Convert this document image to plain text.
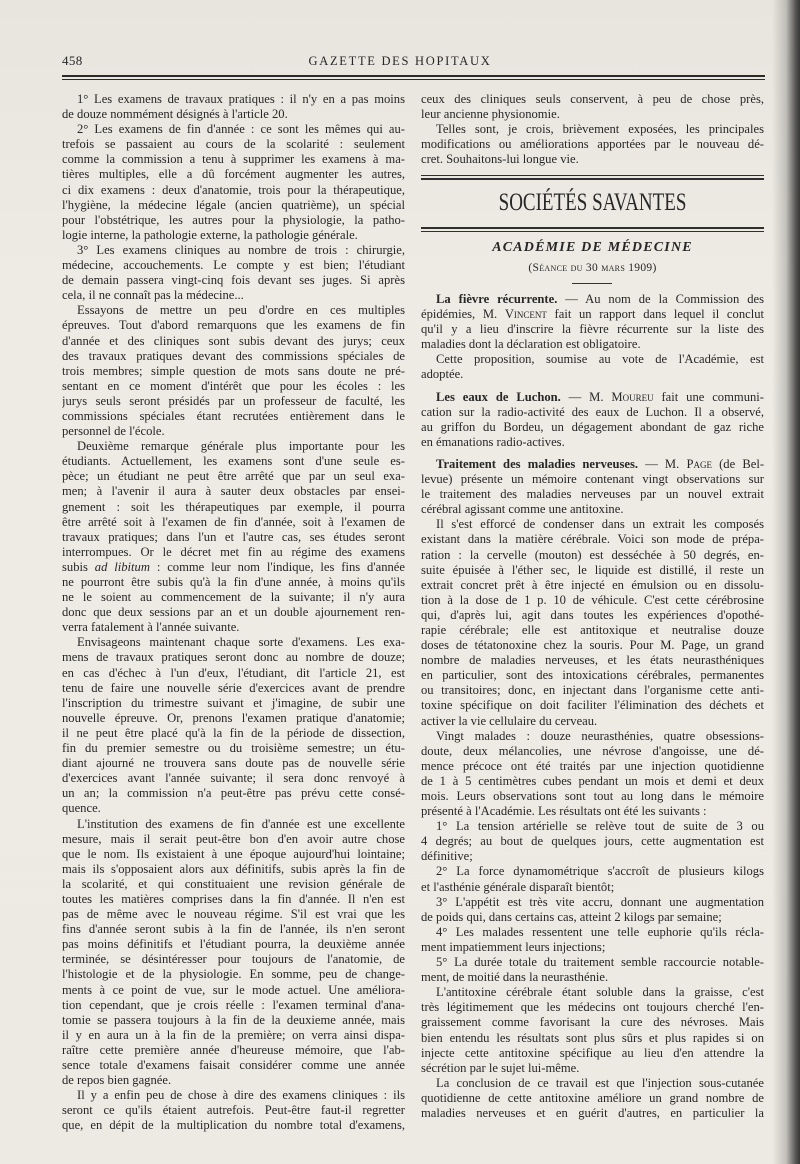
458	GAZETTE DES HOPITAUX
1° Les examens de travaux pratiques : il n'y en a pas moins
de douze nommément désignés à l'article 20.
2° Les examens de fin d'année : ce sont les mêmes qui au-
trefois se passaient au cours de la scolarité : seulement
comme la commission a tenu à supprimer les examens à ma-
tières multiples, elle a dû forcément augmenter les autres,
ci dix examens : deux d'anatomie, trois pour la thérapeutique,
l'hygiène, la médecine légale (ancien quatrième), un spécial
pour l'obstétrique, les autres pour la physiologie, la patho-
logie interne, la pathologie externe, la pathologie générale.
3° Les examens cliniques au nombre de trois : chirurgie,
médecine, accouchements. Le compte y est bien; l'étudiant
de demain passera vingt-cinq fois devant ses juges. Si après
cela, il ne connaît pas la médecine...
Essayons de mettre un peu d'ordre en ces multiples
épreuves. Tout d'abord remarquons que les examens de fin
d'année et des cliniques sont subis devant des jurys; ceux
des travaux pratiques devant des commissions spéciales de
trois membres; simple question de mots sans doute ne pré-
sentant en ce moment d'intérêt que pour les écoles : les
jurys seuls seront présidés par un professeur de faculté, les
commissions spéciales étant recrutées entièrement dans le
personnel de l'école.
Deuxième remarque générale plus importante pour les
étudiants. Actuellement, les examens sont d'une seule es-
pèce; un étudiant ne peut être arrêté que par un seul exa-
men; à l'avenir il aura à sauter deux obstacles par ensei-
gnement : soit les thérapeutiques par exemple, il pourra
être arrêté soit à l'examen de fin d'année, soit à l'examen de
travaux pratiques; dans l'un et l'autre cas, ses études seront
interrompues. Or le décret met fin au régime des examens
subis ad libitum : comme leur nom l'indique, les fins d'année
ne pourront être subis qu'à la fin d'une année, à moins qu'ils
ne le soient au commencement de la suivante; il n'y aura
donc que deux sessions par an et un double ajournement ren-
verra fatalement à l'année suivante.
Envisageons maintenant chaque sorte d'examens. Les exa-
mens de travaux pratiques seront donc au nombre de douze;
en cas d'échec à l'un d'eux, l'étudiant, dit l'article 21, est
tenu de faire une nouvelle série d'exercices avant de prendre
l'inscription du trimestre suivant et j'imagine, de subir une
nouvelle épreuve. Or, prenons l'examen pratique d'anatomie;
il ne peut être placé qu'à la fin de la période de dissection,
fin du premier semestre ou du troisième semestre; un étu-
diant ajourné ne trouvera sans doute pas de nouvelle série
d'exercices avant l'année suivante; il sera donc renvoyé à
un an; la commission n'a peut-être pas prévu cette consé-
quence.
L'institution des examens de fin d'année est une excellente
mesure, mais il serait peut-être bon d'en avoir autre chose
que le nom. Ils existaient à une époque aujourd'hui lointaine;
mais ils s'opposaient alors aux définitifs, subis après la fin de
la scolarité, et qui constituaient une revision générale de
toutes les matières comprises dans la fin d'année. Il n'en est
pas de même avec le nouveau régime. S'il est vrai que les
fins d'année seront subis à la fin de l'année, ils n'en seront
pas moins définitifs et l'étudiant pourra, la deuxième année
terminée, se désintéresser pour toujours de l'anatomie, de
l'histologie et de la physiologie. En somme, peu de change-
ments à ce point de vue, sur le mode actuel. Une améliora-
tion cependant, que je crois réelle : l'examen terminal d'ana-
tomie se passera toujours à la fin de la deuxieme année, mais
il y en aura un à la fin de la première; on verra ainsi dispa-
raître cette première année d'heureuse mémoire, que l'ab-
sence totale d'examens faisait considérer comme une année
de repos bien gagnée.
Il y a enfin peu de chose à dire des examens cliniques : ils
seront ce qu'ils étaient autrefois. Peut-être faut-il regretter
que, en dépit de la multiplication du nombre total d'examens,
ceux des cliniques seuls conservent, à peu de chose près,
leur ancienne physionomie.
Telles sont, je crois, brièvement exposées, les principales
modifications ou améliorations apportées par le nouveau dé-
cret. Souhaitons-lui longue vie.
SOCIÉTÉS SAVANTES
ACADÉMIE DE MÉDECINE
(Séance du 30 mars 1909)
La fièvre récurrente. — Au nom de la Commission des
épidémies, M. Vincent fait un rapport dans lequel il conclut
qu'il y a lieu d'inscrire la fièvre récurrente sur la liste des
maladies dont la déclaration est obligatoire.
Cette proposition, soumise au vote de l'Académie, est
adoptée.
Les eaux de Luchon. — M. Moureu fait une communi-
cation sur la radio-activité des eaux de Luchon. Il a observé,
au griffon du Bordeu, un dégagement abondant de gaz riche
en émanations radio-actives.
Traitement des maladies nerveuses. — M. Page (de Bel-
levue) présente un mémoire contenant vingt observations sur
le traitement des maladies nerveuses par un nouvel extrait
cérébral agissant comme une antitoxine.
Il s'est efforcé de condenser dans un extrait les composés
existant dans la matière cérébrale. Voici son mode de prépa-
ration : la cervelle (mouton) est desséchée à 50 degrés, en-
suite épuisée à l'éther sec, le liquide est distillé, il reste un
extrait concret prêt à être injecté en émulsion ou en dissolu-
tion à la dose de 1 p. 10 de véhicule. C'est cette cérébrosine
qui, d'après lui, agit dans toutes les expériences d'opothé-
rapie cérébrale; elle est antitoxique et neutralise douze
doses de tétatonoxine chez la souris. Pour M. Page, un grand
nombre de maladies nerveuses, et les états neurasthéniques
en particulier, sont des intoxications cérébrales, permanentes
ou transitoires; donc, en injectant dans l'organisme cette anti-
toxine spécifique on doit faciliter l'élimination des déchets et
activer la vie cellulaire du cerveau.
Vingt malades : douze neurasthénies, quatre obsessions-
doute, deux mélancolies, une névrose d'angoisse, une dé-
mence précoce ont été traités par une injection quotidienne
de 1 à 5 centimètres cubes pendant un mois et demi et deux
mois. Leurs observations sont tout au long dans le mémoire
présenté à l'Académie. Les résultats ont été les suivants :
1° La tension artérielle se relève tout de suite de 3 ou
4 degrés; au bout de quelques jours, cette augmentation est
définitive;
2° La force dynamométrique s'accroît de plusieurs kilogs
et l'asthénie générale disparaît bientôt;
3° L'appétit est très vite accru, donnant une augmentation
de poids qui, dans certains cas, atteint 2 kilogs par semaine;
4° Les malades ressentent une telle euphorie qu'ils récla-
ment impatiemment leurs injections;
5° La durée totale du traitement semble raccourcie notable-
ment, de moitié dans la neurasthénie.
L'antitoxine cérébrale étant soluble dans la graisse, c'est
très légitimement que les médecins ont toujours cherché l'en-
graissement comme favorisant la cure des névroses. Mais
bien entendu les résultats sont plus sûrs et plus rapides si on
injecte cette antitoxine spécifique au lieu d'en attendre la
sécrétion par le sujet lui-même.
La conclusion de ce travail est que l'injection sous-cutanée
quotidienne de cette antitoxine améliore un grand nombre de
maladies nerveuses et en guérit d'autres, en particulier la
